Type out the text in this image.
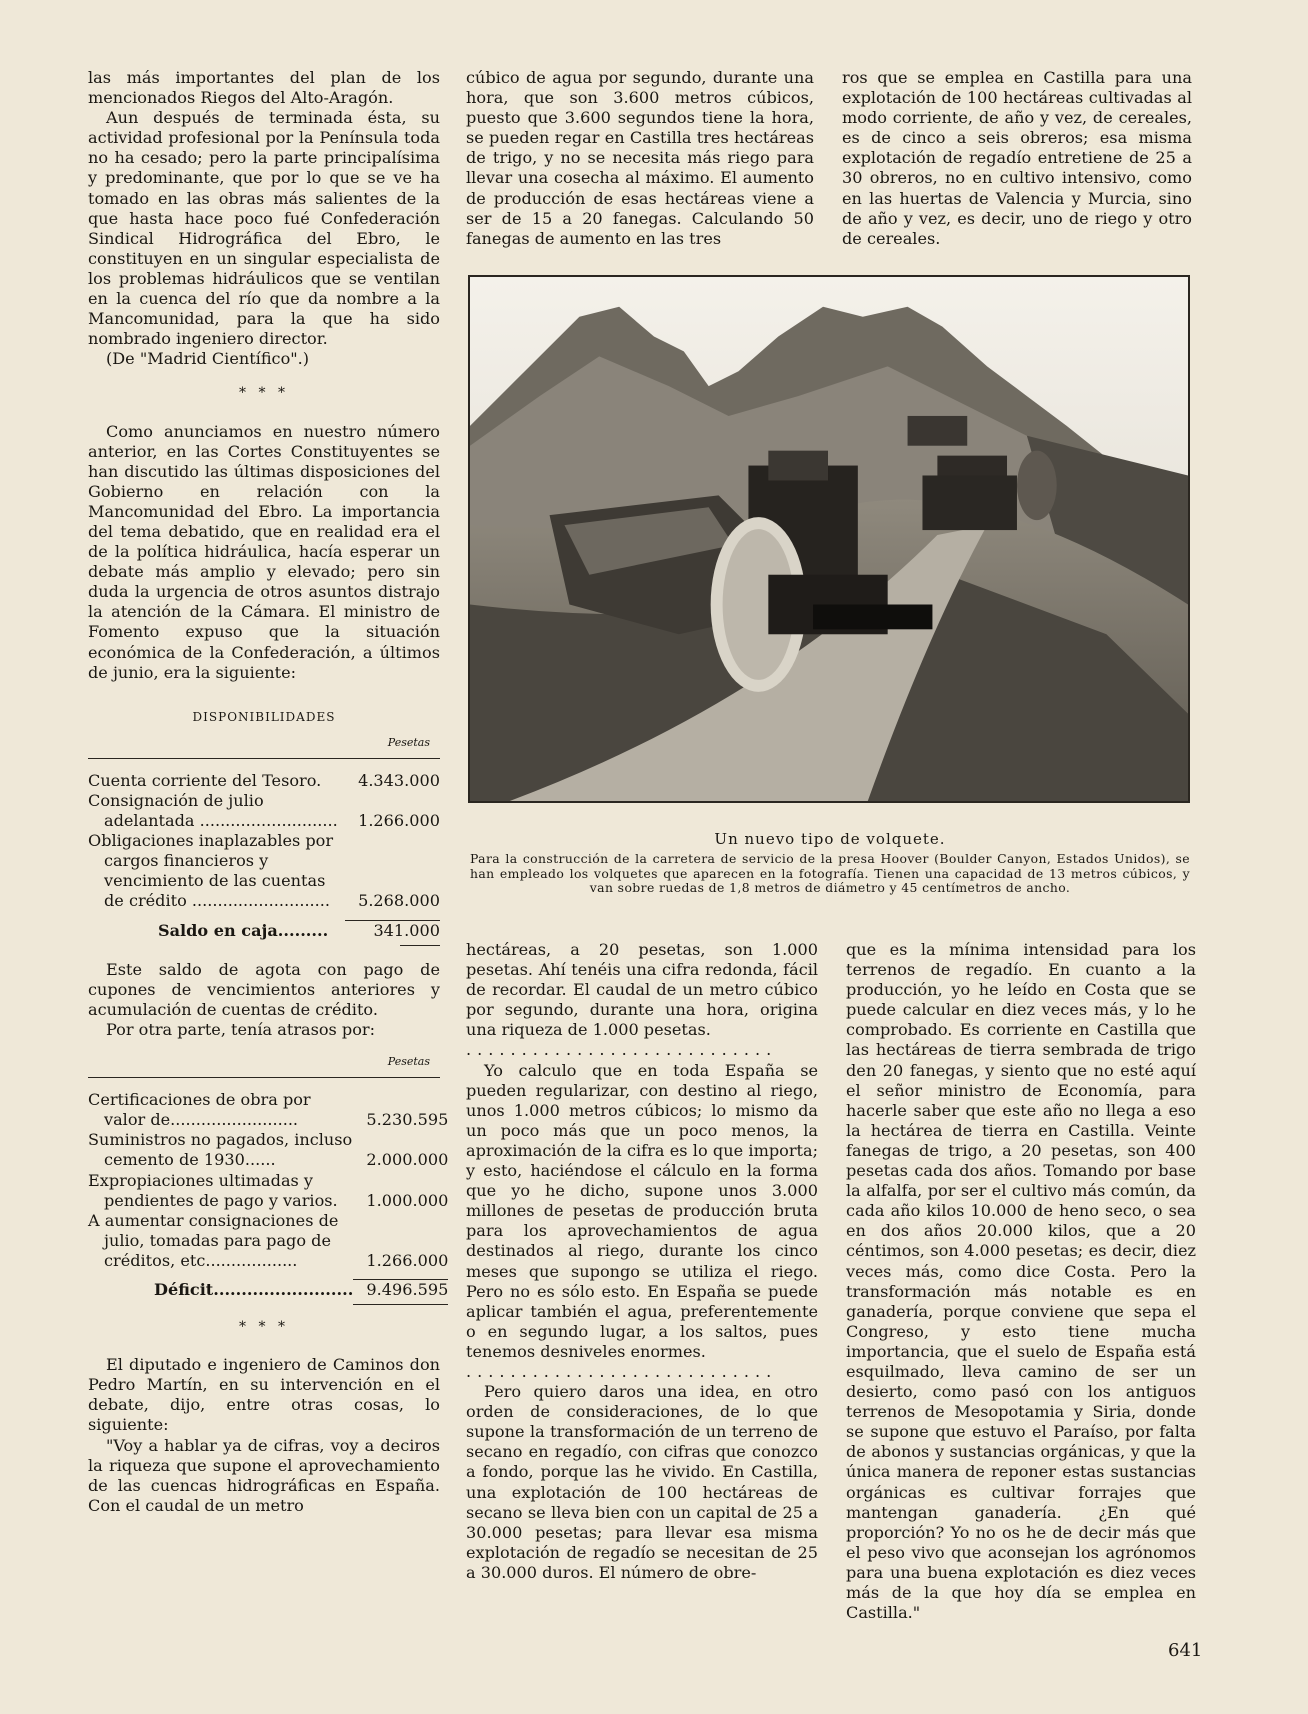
las más importantes del plan de los mencionados Riegos del Alto-Aragón.

Aun después de terminada ésta, su actividad profesional por la Península toda no ha cesado; pero la parte principalísima y predominante, que por lo que se ve ha tomado en las obras más salientes de la que hasta hace poco fué Confederación Sindical Hidrográfica del Ebro, le constituyen en un singular especialista de los problemas hidráulicos que se ventilan en la cuenca del río que da nombre a la Mancomunidad, para la que ha sido nombrado ingeniero director.

(De "Madrid Científico".)

* * *

Como anunciamos en nuestro número anterior, en las Cortes Constituyentes se han discutido las últimas disposiciones del Gobierno en relación con la Mancomunidad del Ebro. La importancia del tema debatido, que en realidad era el de la política hidráulica, hacía esperar un debate más amplio y elevado; pero sin duda la urgencia de otros asuntos distrajo la atención de la Cámara. El ministro de Fomento expuso que la situación económica de la Confederación, a últimos de junio, era la siguiente:

DISPONIBILIDADES

Pesetas

Cuenta corriente del Tesoro.	4.343.000
Consignación de julio adelantada ...........................	1.266.000
Obligaciones inaplazables por cargos financieros y vencimiento de las cuentas de crédito ...........................	5.268.000

Saldo en caja.........	341.000

Este saldo de agota con pago de cupones de vencimientos anteriores y acumulación de cuentas de crédito.

Por otra parte, tenía atrasos por:

Pesetas

Certificaciones de obra por valor de.........................	5.230.595
Suministros no pagados, incluso cemento de 1930......	2.000.000
Expropiaciones ultimadas y pendientes de pago y varios.	1.000.000
A aumentar consignaciones de julio, tomadas para pago de créditos, etc..................	1.266.000

Déficit.........................	9.496.595

* * *

El diputado e ingeniero de Caminos don Pedro Martín, en su intervención en el debate, dijo, entre otras cosas, lo siguiente:

"Voy a hablar ya de cifras, voy a deciros la riqueza que supone el aprovechamiento de las cuencas hidrográficas en España. Con el caudal de un metro

cúbico de agua por segundo, durante una hora, que son 3.600 metros cúbicos, puesto que 3.600 segundos tiene la hora, se pueden regar en Castilla tres hectáreas de trigo, y no se necesita más riego para llevar una cosecha al máximo. El aumento de producción de esas hectáreas viene a ser de 15 a 20 fanegas. Calculando 50 fanegas de aumento en las tres

ros que se emplea en Castilla para una explotación de 100 hectáreas cultivadas al modo corriente, de año y vez, de cereales, es de cinco a seis obreros; esa misma explotación de regadío entretiene de 25 a 30 obreros, no en cultivo intensivo, como en las huertas de Valencia y Murcia, sino de año y vez, es decir, uno de riego y otro de cereales.

Un nuevo tipo de volquete.
Para la construcción de la carretera de servicio de la presa Hoover (Boulder Canyon, Estados Unidos), se han empleado los volquetes que aparecen en la fotografía. Tienen una capacidad de 13 metros cúbicos, y van sobre ruedas de 1,8 metros de diámetro y 45 centímetros de ancho.

hectáreas, a 20 pesetas, son 1.000 pesetas. Ahí tenéis una cifra redonda, fácil de recordar. El caudal de un metro cúbico por segundo, durante una hora, origina una riqueza de 1.000 pesetas.

............................

Yo calculo que en toda España se pueden regularizar, con destino al riego, unos 1.000 metros cúbicos; lo mismo da un poco más que un poco menos, la aproximación de la cifra es lo que importa; y esto, haciéndose el cálculo en la forma que yo he dicho, supone unos 3.000 millones de pesetas de producción bruta para los aprovechamientos de agua destinados al riego, durante los cinco meses que supongo se utiliza el riego. Pero no es sólo esto. En España se puede aplicar también el agua, preferentemente o en segundo lugar, a los saltos, pues tenemos desniveles enormes.

............................

Pero quiero daros una idea, en otro orden de consideraciones, de lo que supone la transformación de un terreno de secano en regadío, con cifras que conozco a fondo, porque las he vivido. En Castilla, una explotación de 100 hectáreas de secano se lleva bien con un capital de 25 a 30.000 pesetas; para llevar esa misma explotación de regadío se necesitan de 25 a 30.000 duros. El número de obre-

que es la mínima intensidad para los terrenos de regadío. En cuanto a la producción, yo he leído en Costa que se puede calcular en diez veces más, y lo he comprobado. Es corriente en Castilla que las hectáreas de tierra sembrada de trigo den 20 fanegas, y siento que no esté aquí el señor ministro de Economía, para hacerle saber que este año no llega a eso la hectárea de tierra en Castilla. Veinte fanegas de trigo, a 20 pesetas, son 400 pesetas cada dos años. Tomando por base la alfalfa, por ser el cultivo más común, da cada año kilos 10.000 de heno seco, o sea en dos años 20.000 kilos, que a 20 céntimos, son 4.000 pesetas; es decir, diez veces más, como dice Costa. Pero la transformación más notable es en ganadería, porque conviene que sepa el Congreso, y esto tiene mucha importancia, que el suelo de España está esquilmado, lleva camino de ser un desierto, como pasó con los antiguos terrenos de Mesopotamia y Siria, donde se supone que estuvo el Paraíso, por falta de abonos y sustancias orgánicas, y que la única manera de reponer estas sustancias orgánicas es cultivar forrajes que mantengan ganadería. ¿En qué proporción? Yo no os he de decir más que el peso vivo que aconsejan los agrónomos para una buena explotación es diez veces más de la que hoy día se emplea en Castilla."

641
